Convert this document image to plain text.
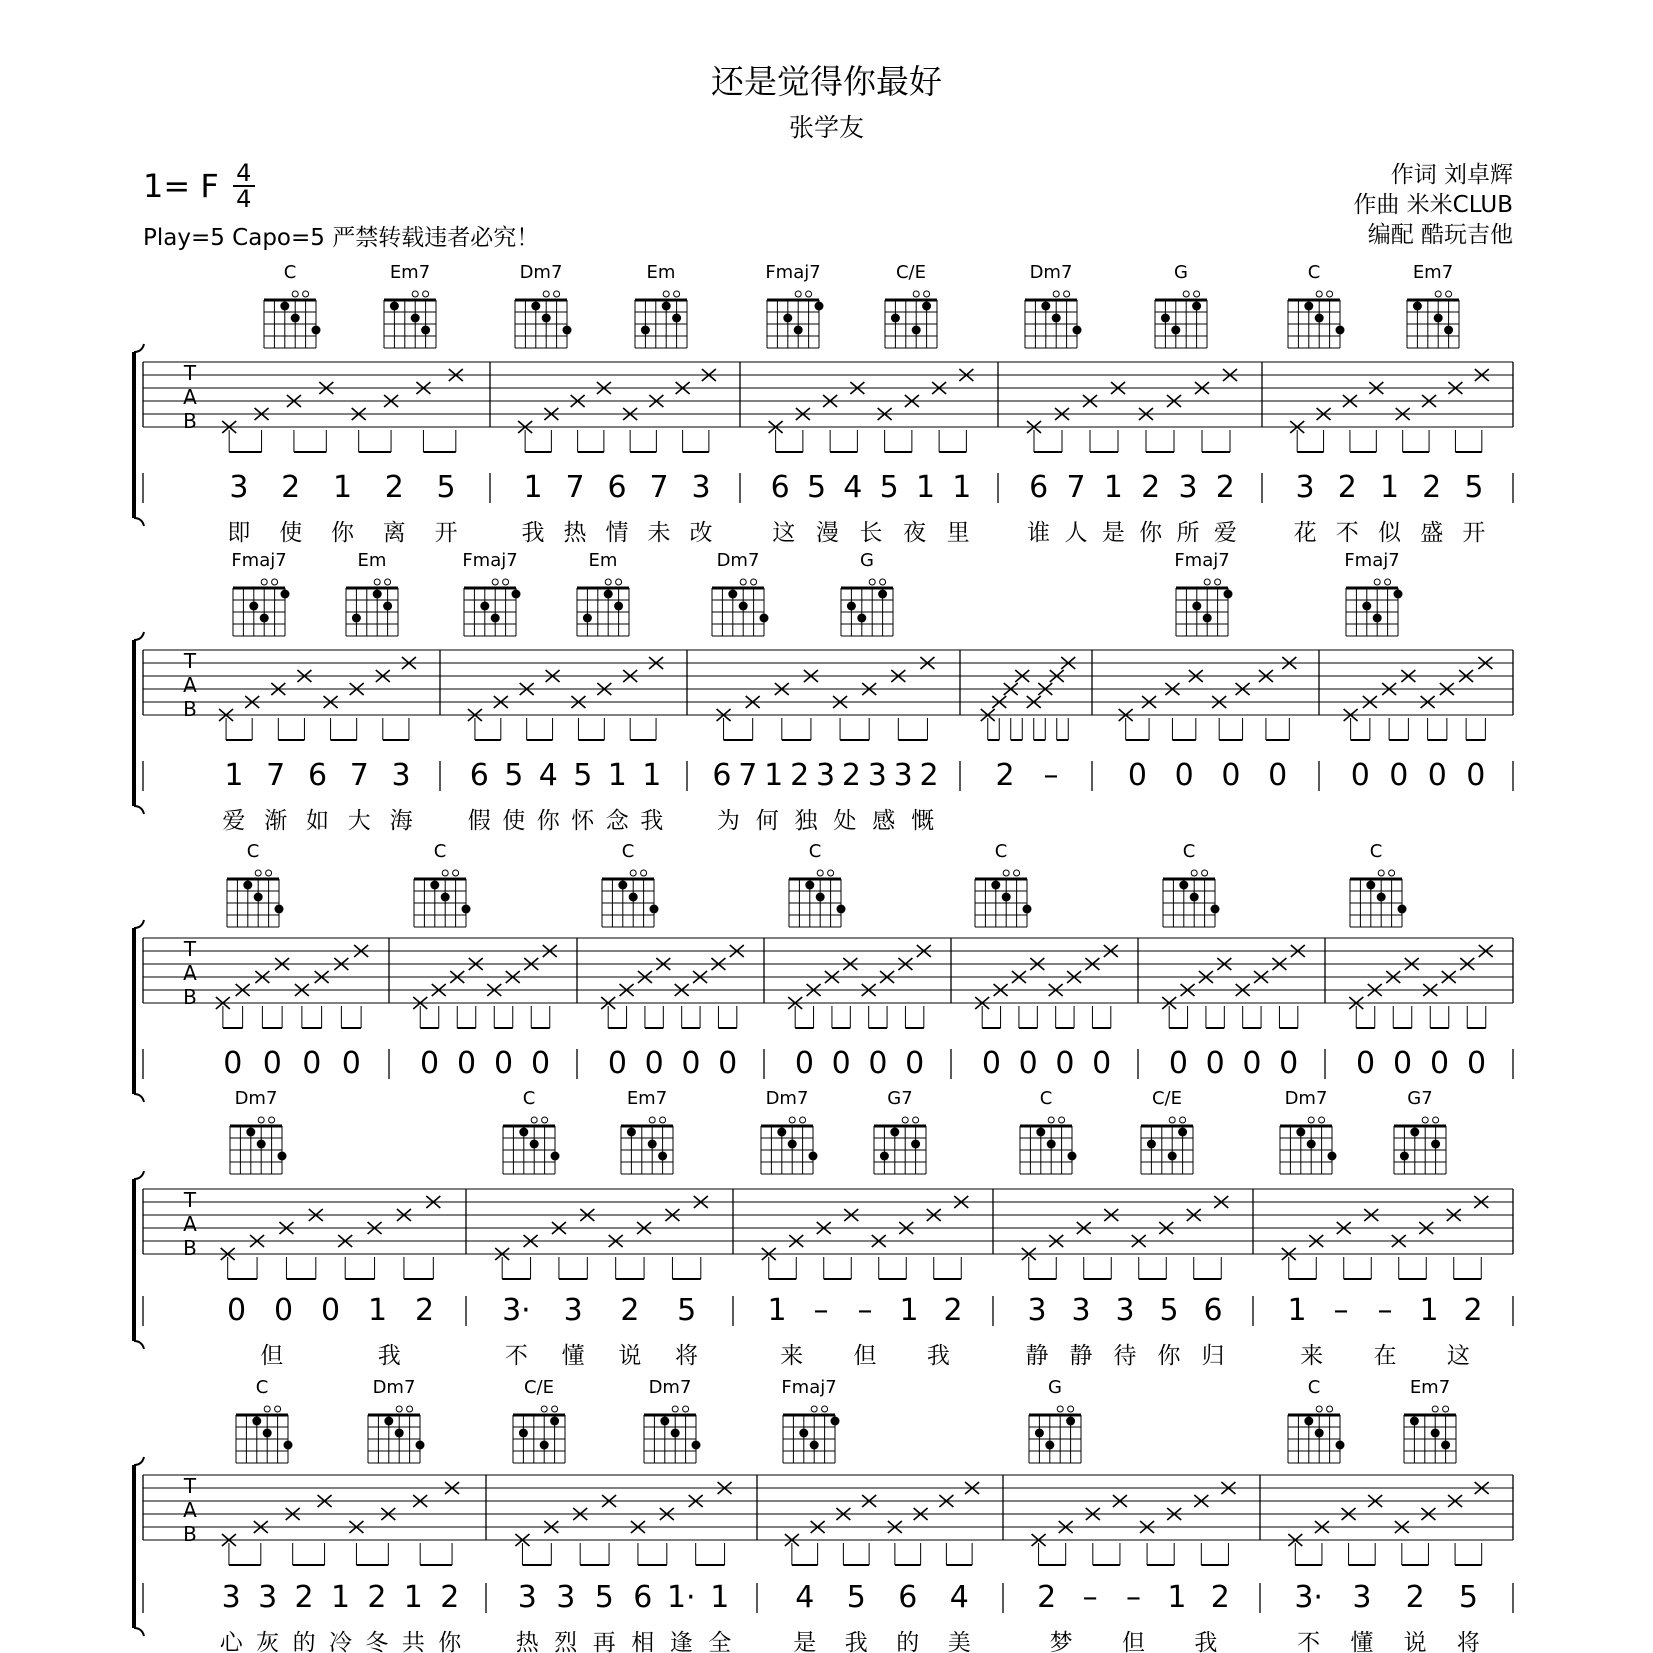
还是觉得你最好
张学友
1= F $\frac{4}{4}$
Play=5 Capo=5 严禁转载违者必究！
作词 刘卓辉
作曲 米米CLUB
编配 酷玩吉他
T
A
B
3 2 1 2 5
即 使 你 离 开
1 7 6 7 3
我 热 情 未 改
6 5 4 5 1 1
这 漫 长 夜 里
6 7 1 2 3 2
谁 人 是 你 所 爱
3 2 1 2 5
花 不 似 盛 开
C	Em7	Dm7	Em	Fmaj7	C/E	Dm7	G	C	Em7
T
A
B
1 7 6 7 3
爱 渐 如 大 海
6 5 4 5 1 1
假 使 你 怀 念 我
6 7 1 2 3 2 3 3 2
为 何 独 处 感 慨
2 – 0 0 0 0 0 0 0 0
Fmaj7	Em	Fmaj7	Em	Dm7	G	Fmaj7	Fmaj7
T
A
B
0 0 0 0 0 0 0 0 0 0 0 0 0 0 0 0 0 0 0 0 0 0 0 0 0 0 0 0
C	C	C	C	C	C	C
T
A
B
0 0 0 1 2
但	我
3· 3 2 5
不 懂 说 将
1 – – 1 2
来 但 我
3 3 3 5 6
静 静 待 你 归
1 – – 1 2
来 在 这
Dm7	C	Em7	Dm7	G7	C	C/E	Dm7	G7
T
A
B
3 3 2 1 2 1 2
心 灰 的 冷 冬 共 你
3 3 5 6 1· 1
热 烈 再 相 逢 全
4 5 6 4
是 我 的 美
2 – – 1 2
梦 但 我
3· 3 2 5
不 懂 说 将
C	Dm7	C/E	Dm7	Fmaj7	G	C	Em7
